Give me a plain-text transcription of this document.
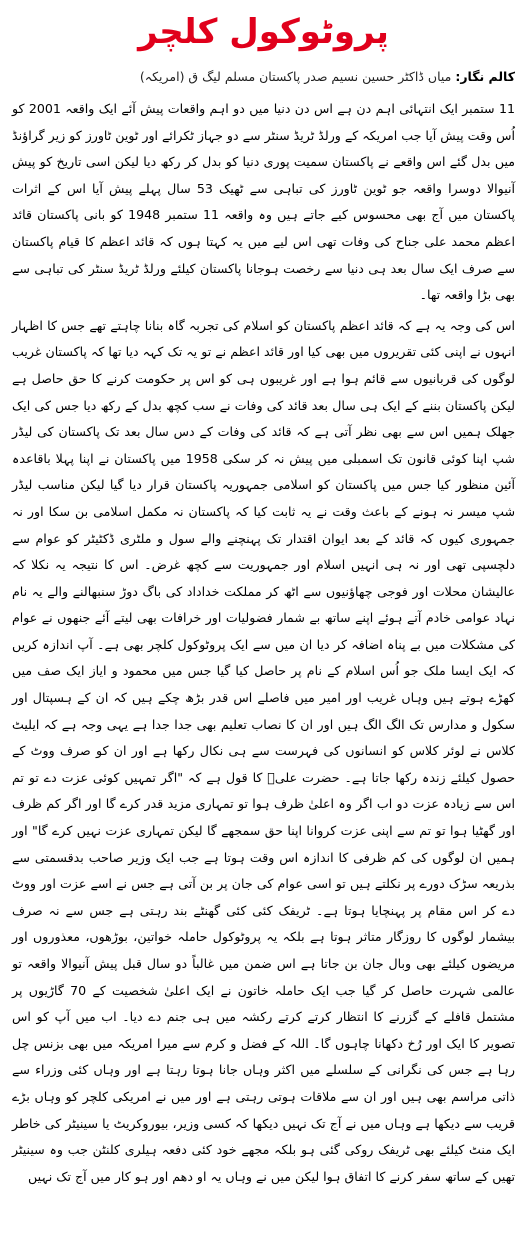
پروٹوکول کلچر
کالم نگار: میاں ڈاکٹر حسین نسیم صدر پاکستان مسلم لیگ ق (امریکہ)

11 ستمبر ایک انتہائی اہم دن ہے اس دن دنیا میں دو اہم واقعات پیش آئے ایک واقعہ 2001 کو اُس وقت پیش آیا جب امریکہ کے ورلڈ ٹریڈ سنٹر سے دو جہاز ٹکرائے اور ٹوین ٹاورز کو زیر گراؤنڈ میں بدل گئے اس واقعے نے پاکستان سمیت پوری دنیا کو بدل کر رکھ دیا لیکن اسی تاریخ کو پیش آنیوالا دوسرا واقعہ جو ٹوین ٹاورز کی تباہی سے ٹھیک 53 سال پہلے پیش آیا اس کے اثرات پاکستان میں آج بھی محسوس کیے جاتے ہیں وہ واقعہ 11 ستمبر 1948 کو بانی پاکستان قائد اعظم محمد علی جناح کی وفات تھی اس لیے میں یہ کہتا ہوں کہ قائد اعظم کا قیام پاکستان سے صرف ایک سال بعد ہی دنیا سے رخصت ہوجانا پاکستان کیلئے ورلڈ ٹریڈ سنٹر کی تباہی سے بھی بڑا واقعہ تھا۔

اس کی وجہ یہ ہے کہ قائد اعظم پاکستان کو اسلام کی تجربہ گاہ بنانا چاہتے تھے جس کا اظہار انہوں نے اپنی کئی تقریروں میں بھی کیا اور قائد اعظم نے تو یہ تک کہہ دیا تھا کہ پاکستان غریب لوگوں کی قربانیوں سے قائم ہوا ہے اور غریبوں ہی کو اس پر حکومت کرنے کا حق حاصل ہے لیکن پاکستان بننے کے ایک ہی سال بعد قائد کی وفات نے سب کچھ بدل کے رکھ دیا جس کی ایک جھلک ہمیں اس سے بھی نظر آتی ہے کہ قائد کی وفات کے دس سال بعد تک پاکستان کی لیڈر شپ اپنا کوئی قانون تک اسمبلی میں پیش نہ کر سکی 1958 میں پاکستان نے اپنا پہلا باقاعدہ آئین منظور کیا جس میں پاکستان کو اسلامی جمہوریہ پاکستان قرار دیا گیا لیکن مناسب لیڈر شپ میسر نہ ہونے کے باعث وقت نے یہ ثابت کیا کہ پاکستان نہ مکمل اسلامی بن سکا اور نہ جمہوری کیوں کہ قائد کے بعد ایوان اقتدار تک پہنچنے والے سول و ملٹری ڈکٹیٹر کو عوام سے دلچسپی تھی اور نہ ہی انہیں اسلام اور جمہوریت سے کچھ غرض۔ اس کا نتیجہ یہ نکلا کہ عالیشان محلات اور فوجی چھاؤنیوں سے اٹھ کر مملکت خداداد کی باگ دوڑ سنبھالنے والے یہ نام نہاد عوامی خادم آتے ہوئے اپنے ساتھ بے شمار فضولیات اور خرافات بھی لیتے آئے جنھوں نے عوام کی مشکلات میں بے پناہ اضافہ کر دیا ان میں سے ایک پروٹوکول کلچر بھی ہے۔ آپ اندازہ کریں کہ ایک ایسا ملک جو اُس اسلام کے نام پر حاصل کیا گیا جس میں محمود و ایاز ایک صف میں کھڑے ہوتے ہیں وہاں غریب اور امیر میں فاصلے اس قدر بڑھ چکے ہیں کہ ان کے ہسپتال اور سکول و مدارس تک الگ الگ ہیں اور ان کا نصاب تعلیم بھی جدا جدا ہے یہی وجہ ہے کہ ایلیٹ کلاس نے لوئر کلاس کو انسانوں کی فہرست سے ہی نکال رکھا ہے اور ان کو صرف ووٹ کے حصول کیلئے زندہ رکھا جاتا ہے۔ حضرت علیؓ کا قول ہے کہ "اگر تمہیں کوئی عزت دے تو تم اس سے زیادہ عزت دو اب اگر وہ اعلیٰ ظرف ہوا تو تمہاری مزید قدر کرے گا اور اگر کم ظرف اور گھٹیا ہوا تو تم سے اپنی عزت کروانا اپنا حق سمجھے گا لیکن تمہاری عزت نہیں کرے گا" اور ہمیں ان لوگوں کی کم ظرفی کا اندازہ اس وقت ہوتا ہے جب ایک وزیر صاحب بدقسمتی سے بذریعہ سڑک دورے پر نکلتے ہیں تو اسی عوام کی جان پر بن آتی ہے جس نے اسے عزت اور ووٹ دے کر اس مقام پر پہنچایا ہوتا ہے۔ ٹریفک کئی کئی گھنٹے بند رہتی ہے جس سے نہ صرف بیشمار لوگوں کا روزگار متاثر ہوتا ہے بلکہ یہ پروٹوکول حاملہ خواتین، بوڑھوں، معذوروں اور مریضوں کیلئے بھی وبال جان بن جاتا ہے اس ضمن میں غالباً دو سال قبل پیش آنیوالا واقعہ تو عالمی شہرت حاصل کر گیا جب ایک حاملہ خاتون نے ایک اعلیٰ شخصیت کے 70 گاڑیوں پر مشتمل قافلے کے گزرنے کا انتظار کرتے کرتے رکشہ میں ہی جنم دے دیا۔ اب میں آپ کو اس تصویر کا ایک اور رُخ دکھانا چاہوں گا۔ اللہ کے فضل و کرم سے میرا امریکہ میں بھی بزنس چل رہا ہے جس کی نگرانی کے سلسلے میں اکثر وہاں جانا ہوتا رہتا ہے اور وہاں کئی وزراء سے ذاتی مراسم بھی ہیں اور ان سے ملاقات ہوتی رہتی ہے اور میں نے امریکی کلچر کو وہاں بڑے قریب سے دیکھا ہے وہاں میں نے آج تک نہیں دیکھا کہ کسی وزیر، بیوروکریٹ یا سینیٹر کی خاطر ایک منٹ کیلئے بھی ٹریفک روکی گئی ہو بلکہ مجھے خود کئی دفعہ ہیلری کلنٹن جب وہ سینیٹر تھیں کے ساتھ سفر کرنے کا اتفاق ہوا لیکن میں نے وہاں یہ او دھم اور ہو کار میں آج تک نہیں
